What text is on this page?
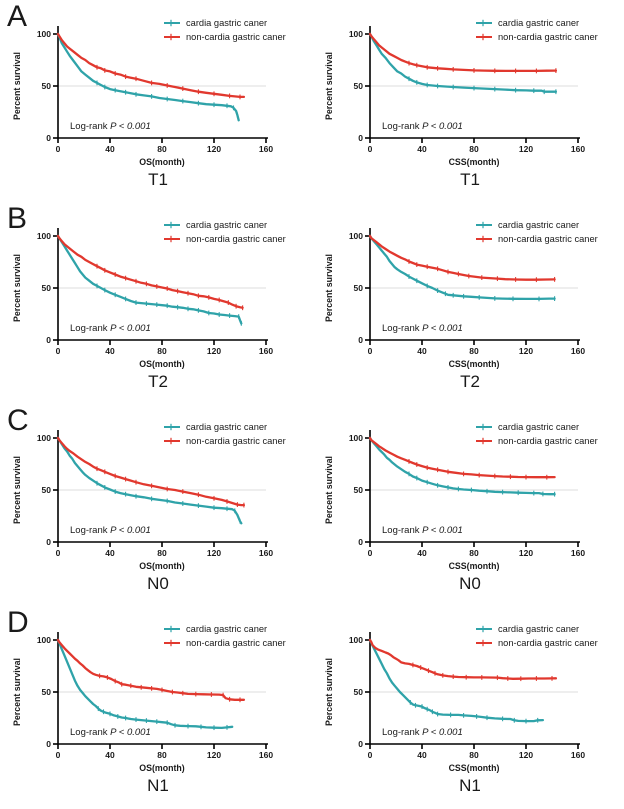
A
0
50
100
0	40	80	120	160
OS(month)
Percent survival
cardia gastric caner
non-cardia gastric caner
Log-rank P < 0.001
T1
0
50
100
0	40	80	120	160
CSS(month)
Percent survival
cardia gastric caner
non-cardia gastric caner
Log-rank P < 0.001
T1
B
0
50
100
0	40	80	120	160
OS(month)
Percent survival
cardia gastric caner
non-cardia gastric caner
Log-rank P < 0.001
T2
0
50
100
0	40	80	120	160
CSS(month)
Percent survival
cardia gastric caner
non-cardia gastric caner
Log-rank P < 0.001
T2
C
0
50
100
0	40	80	120	160
OS(month)
Percent survival
cardia gastric caner
non-cardia gastric caner
Log-rank P < 0.001
N0
0
50
100
0	40	80	120	160
CSS(month)
Percent survival
cardia gastric caner
non-cardia gastric caner
Log-rank P < 0.001
N0
D
0
50
100
0	40	80	120	160
OS(month)
Percent survival
cardia gastric caner
non-cardia gastric caner
Log-rank P < 0.001
N1
0
50
100
0	40	80	120	160
CSS(month)
Percent survival
cardia gastric caner
non-cardia gastric caner
Log-rank P < 0.001
N1
